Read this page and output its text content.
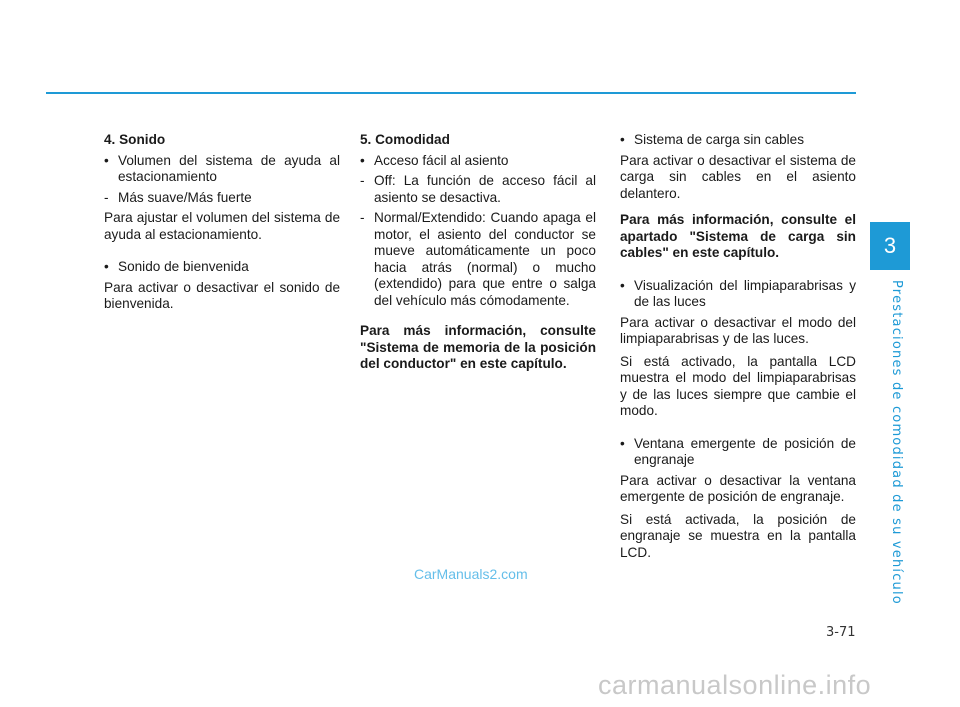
3
Prestaciones de comodidad de su vehículo

4. Sonido

• Volumen del sistema de ayuda al estacionamiento
- Más suave/Más fuerte

Para ajustar el volumen del sistema de ayuda al estacionamiento.

• Sonido de bienvenida

Para activar o desactivar el sonido de bienvenida.

5. Comodidad

• Acceso fácil al asiento
- Off: La función de acceso fácil al asiento se desactiva.
- Normal/Extendido: Cuando apaga el motor, el asiento del conductor se mueve automáticamente un poco hacia atrás (normal) o mucho (extendido) para que entre o salga del vehículo más cómodamente.

Para más información, consulte "Sistema de memoria de la posición del conductor" en este capítulo.

• Sistema de carga sin cables

Para activar o desactivar el sistema de carga sin cables en el asiento delantero.

Para más información, consulte el apartado "Sistema de carga sin cables" en este capítulo.

• Visualización del limpiaparabrisas y de las luces

Para activar o desactivar el modo del limpiaparabrisas y de las luces.

Si está activado, la pantalla LCD muestra el modo del limpiaparabrisas y de las luces siempre que cambie el modo.

• Ventana emergente de posición de engranaje

Para activar o desactivar la ventana emergente de posición de engranaje.

Si está activada, la posición de engranaje se muestra en la pantalla LCD.

3-71
CarManuals2.com
carmanualsonline.info
